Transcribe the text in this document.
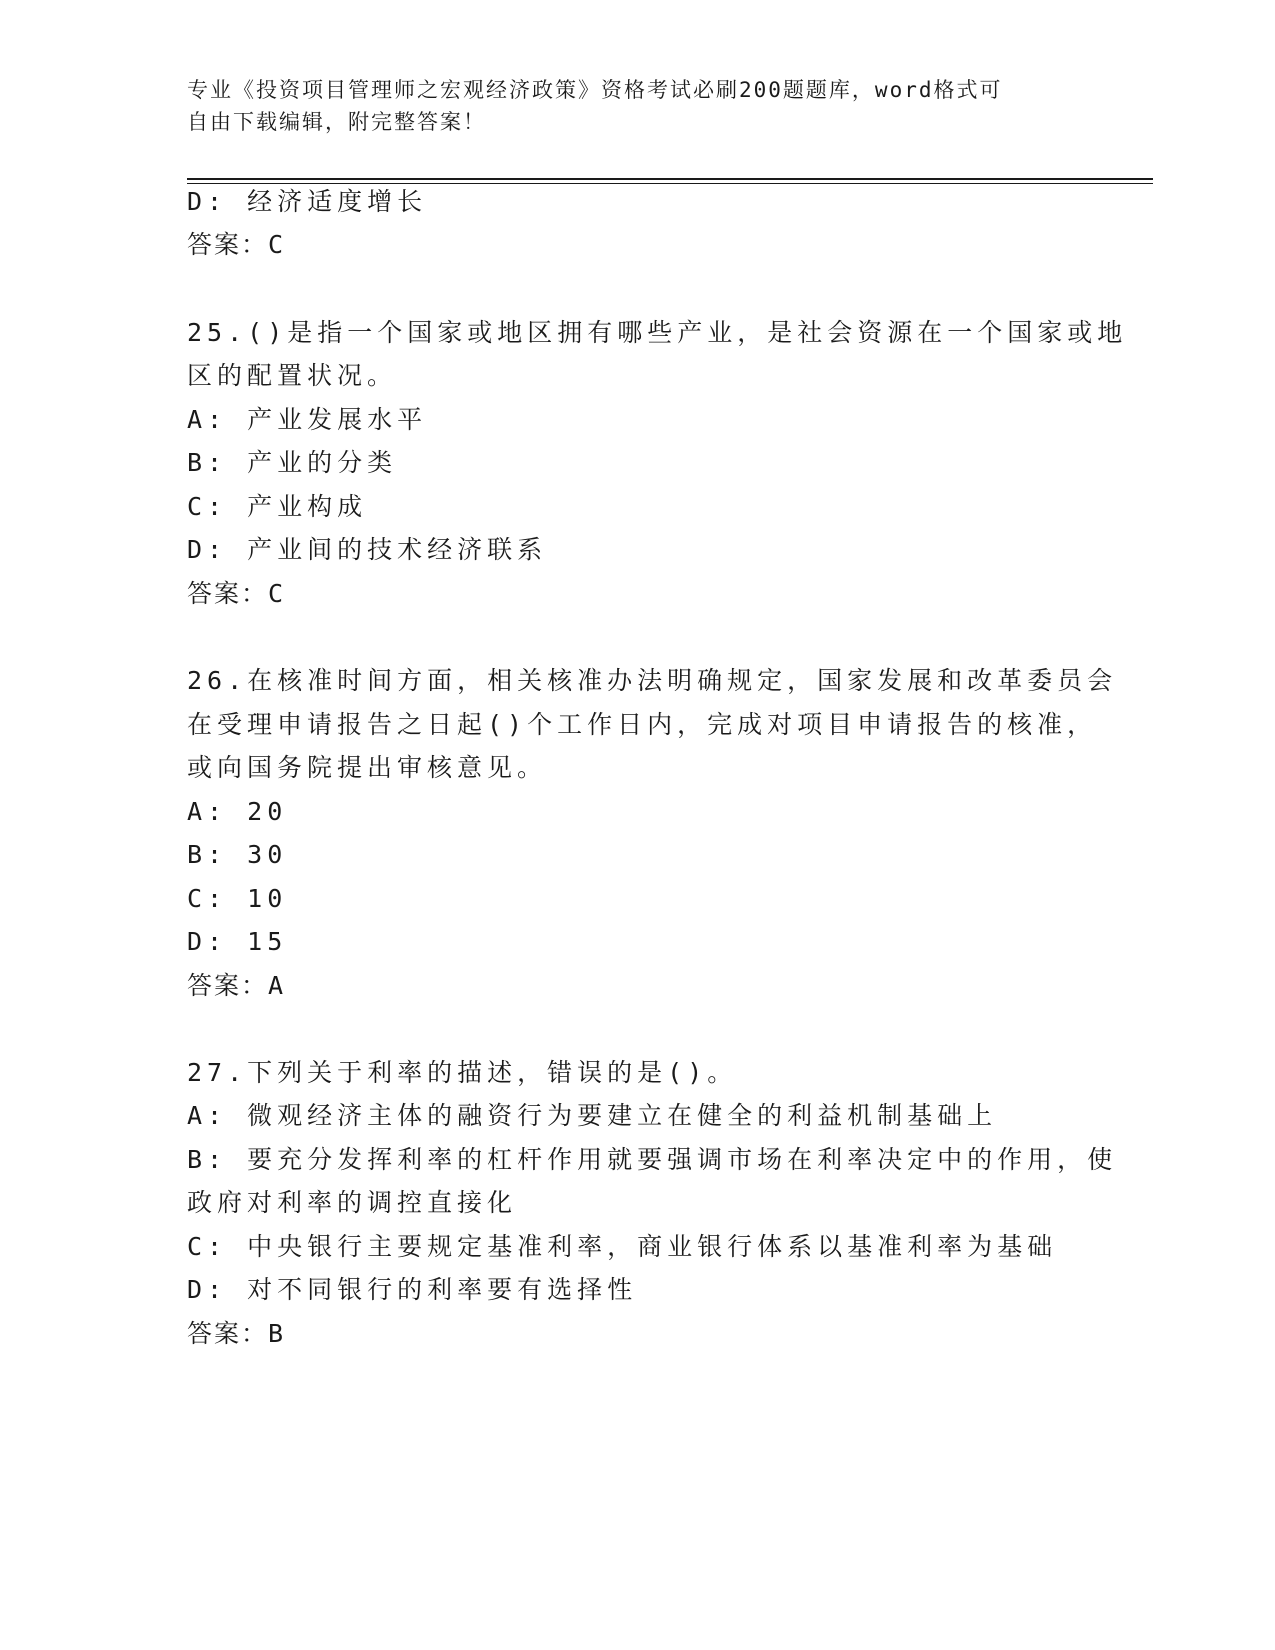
专业《投资项目管理师之宏观经济政策》资格考试必刷200题题库，word格式可
自由下载编辑，附完整答案！
D: 经济适度增长
答案：C
25.()是指一个国家或地区拥有哪些产业，是社会资源在一个国家或地
区的配置状况。
A: 产业发展水平
B: 产业的分类
C: 产业构成
D: 产业间的技术经济联系
答案：C
26.在核准时间方面，相关核准办法明确规定，国家发展和改革委员会
在受理申请报告之日起()个工作日内，完成对项目申请报告的核准，
或向国务院提出审核意见。
A: 20
B: 30
C: 10
D: 15
答案：A
27.下列关于利率的描述，错误的是()。
A: 微观经济主体的融资行为要建立在健全的利益机制基础上
B: 要充分发挥利率的杠杆作用就要强调市场在利率决定中的作用，使
政府对利率的调控直接化
C: 中央银行主要规定基准利率，商业银行体系以基准利率为基础
D: 对不同银行的利率要有选择性
答案：B
